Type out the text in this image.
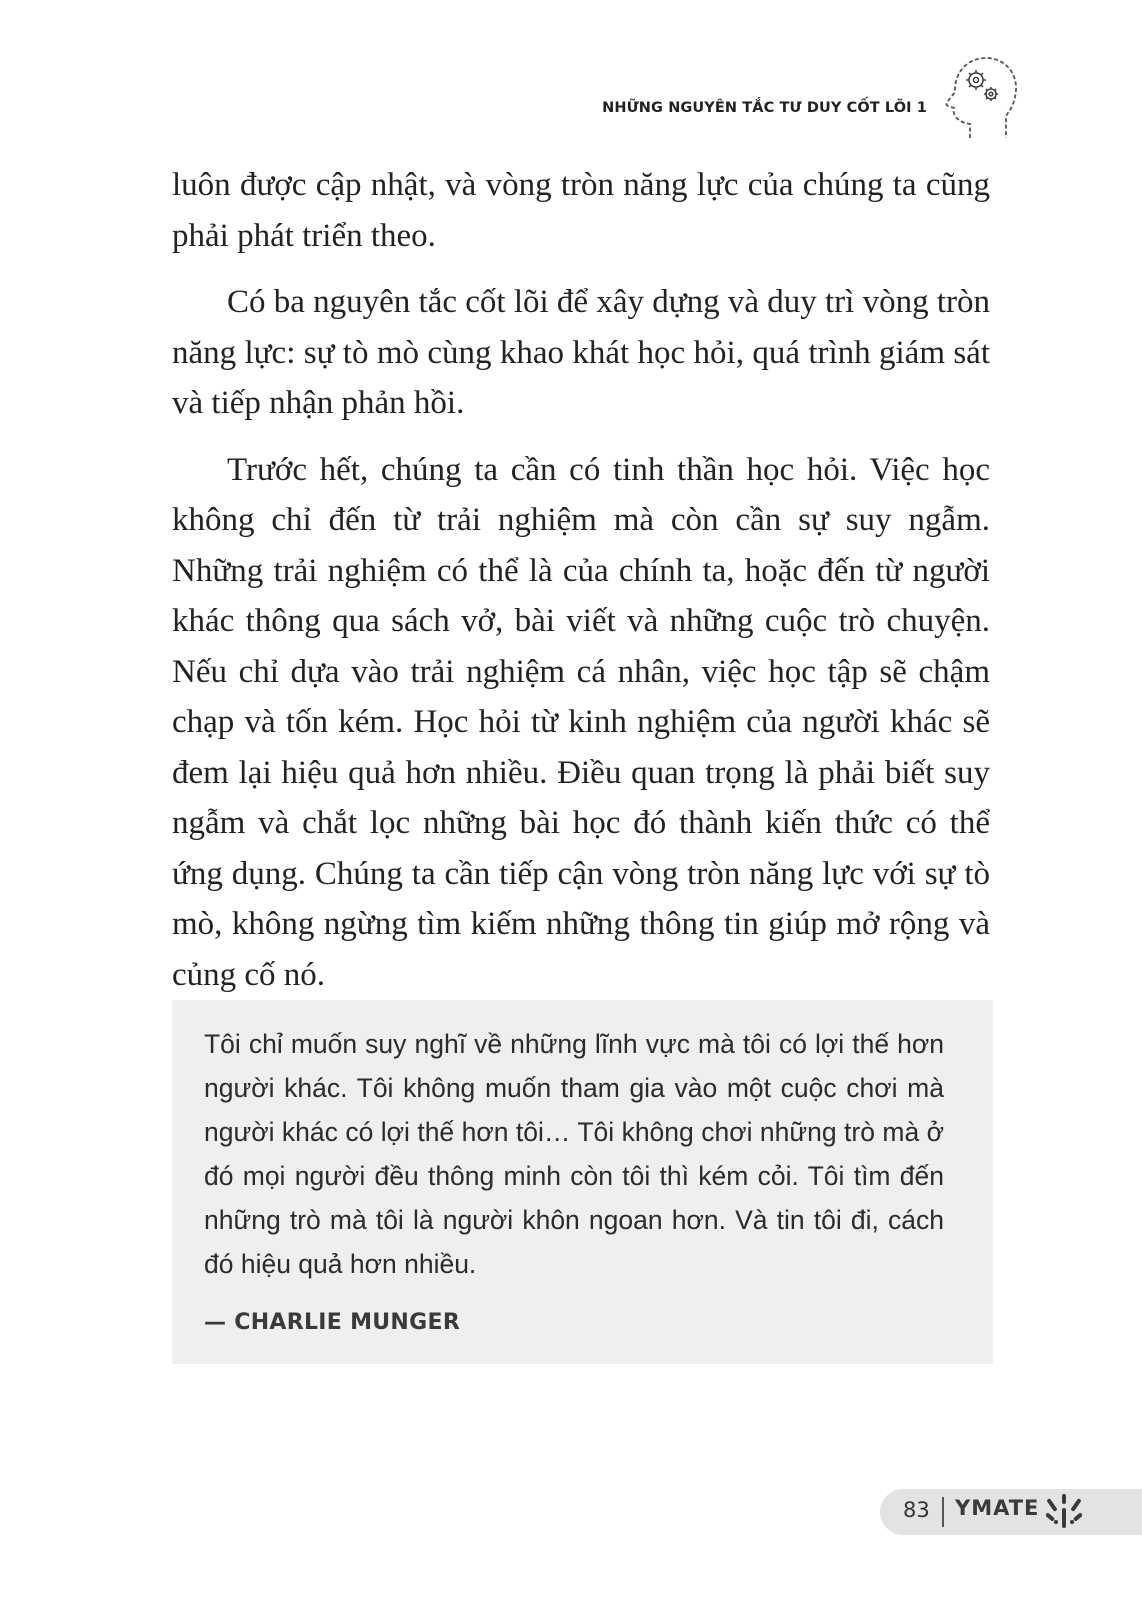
NHỮNG NGUYÊN TẮC TƯ DUY CỐT LÕI 1

luôn được cập nhật, và vòng tròn năng lực của chúng ta cũng phải phát triển theo.

Có ba nguyên tắc cốt lõi để xây dựng và duy trì vòng tròn năng lực: sự tò mò cùng khao khát học hỏi, quá trình giám sát và tiếp nhận phản hồi.

Trước hết, chúng ta cần có tinh thần học hỏi. Việc học không chỉ đến từ trải nghiệm mà còn cần sự suy ngẫm. Những trải nghiệm có thể là của chính ta, hoặc đến từ người khác thông qua sách vở, bài viết và những cuộc trò chuyện. Nếu chỉ dựa vào trải nghiệm cá nhân, việc học tập sẽ chậm chạp và tốn kém. Học hỏi từ kinh nghiệm của người khác sẽ đem lại hiệu quả hơn nhiều. Điều quan trọng là phải biết suy ngẫm và chắt lọc những bài học đó thành kiến thức có thể ứng dụng. Chúng ta cần tiếp cận vòng tròn năng lực với sự tò mò, không ngừng tìm kiếm những thông tin giúp mở rộng và củng cố nó.

Tôi chỉ muốn suy nghĩ về những lĩnh vực mà tôi có lợi thế hơn người khác. Tôi không muốn tham gia vào một cuộc chơi mà người khác có lợi thế hơn tôi… Tôi không chơi những trò mà ở đó mọi người đều thông minh còn tôi thì kém cỏi. Tôi tìm đến những trò mà tôi là người khôn ngoan hơn. Và tin tôi đi, cách đó hiệu quả hơn nhiều.
— CHARLIE MUNGER
83 YMATE
